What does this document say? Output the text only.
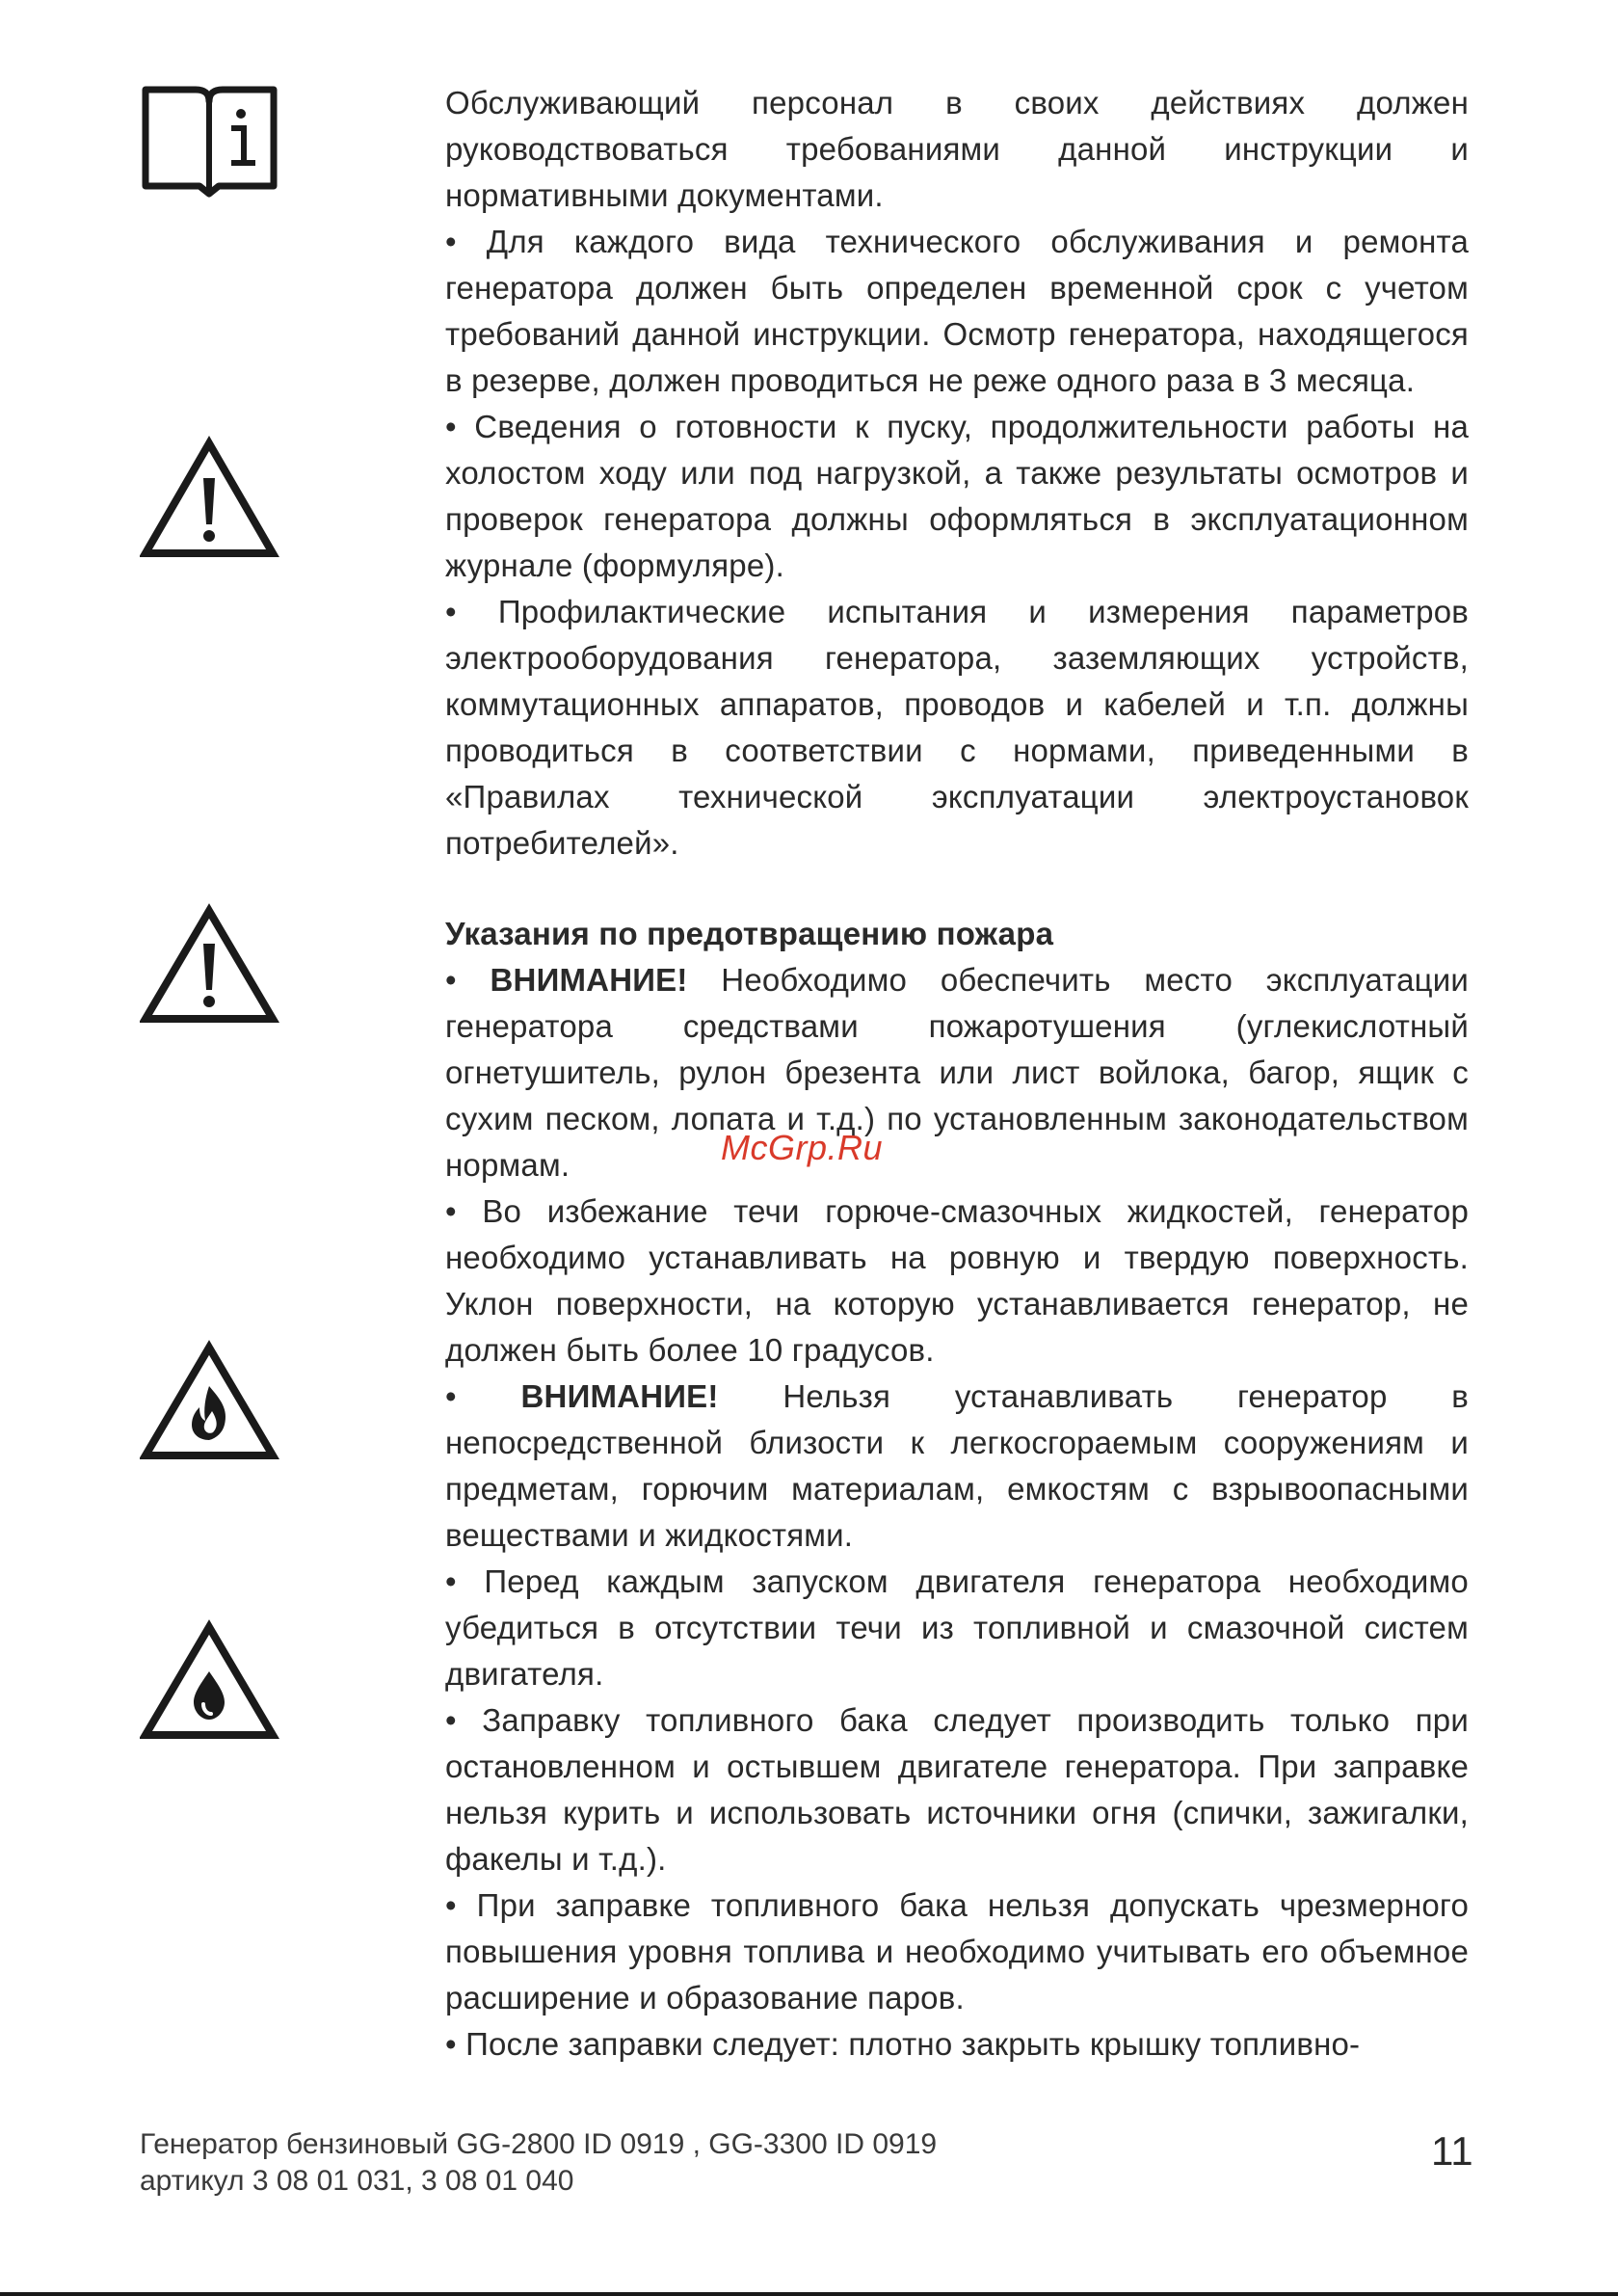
Обслуживающий персонал в своих действиях должен руководствоваться требованиями данной инструкции и нормативными документами.

• Для каждого вида технического обслуживания и ремонта генератора должен быть определен временной срок с учетом требований данной инструкции. Осмотр генератора, находящегося в резерве, должен проводиться не реже одного раза в 3 месяца.

• Сведения о готовности к пуску, продолжительности работы на холостом ходу или под нагрузкой, а также результаты осмотров и проверок генератора должны оформляться в эксплуатационном журнале (формуляре).

• Профилактические испытания и измерения параметров электрооборудования генератора, заземляющих устройств, коммутационных аппаратов, проводов и кабелей и т.п. должны проводиться в соответствии с нормами, приведенными в «Правилах технической эксплуатации электроустановок потребителей».

Указания по предотвращению пожара

• ВНИМАНИЕ! Необходимо обеспечить место эксплуатации генератора средствами пожаротушения (углекислотный огнетушитель, рулон брезента или лист войлока, багор, ящик с сухим песком, лопата и т.д.) по установленным законодательством нормам.

• Во избежание течи горюче-смазочных жидкостей, генератор необходимо устанавливать на ровную и твердую поверхность. Уклон поверхности, на которую устанавливается генератор, не должен быть более 10 градусов.

• ВНИМАНИЕ! Нельзя устанавливать генератор в непосредственной близости к легкосгораемым сооружениям и предметам, горючим материалам, емкостям с взрывоопасными веществами и жидкостями.

• Перед каждым запуском двигателя генератора необходимо убедиться в отсутствии течи из топливной и смазочной систем двигателя.

• Заправку топливного бака следует производить только при остановленном и остывшем двигателе генератора. При заправке нельзя курить и использовать источники огня (спички, зажигалки, факелы и т.д.).

• При заправке топливного бака нельзя допускать чрезмерного повышения уровня топлива и необходимо учитывать его объемное расширение и образование паров.

• После заправки следует: плотно закрыть крышку топливно-

McGrp.Ru
Генератор бензиновый GG-2800 ID 0919 , GG-3300 ID 0919
артикул 3 08 01 031, 3 08 01 040
11
